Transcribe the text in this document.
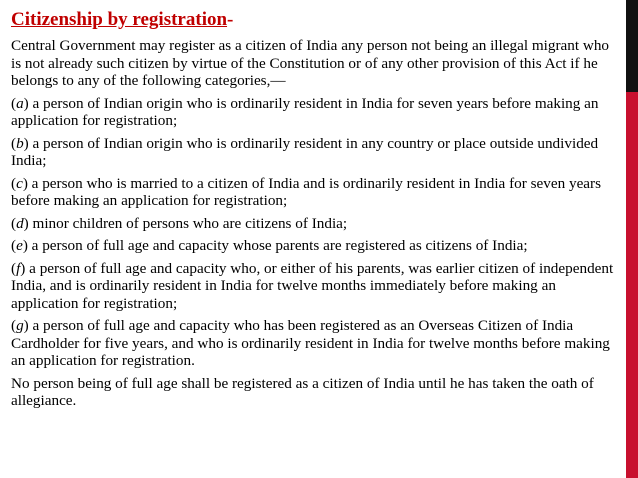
Citizenship by registration-

Central Government may register as a citizen of India any person not being an illegal migrant who is not already such citizen by virtue of the Constitution or of any other provision of this Act if he belongs to any of the following categories,—

(a) a person of Indian origin who is ordinarily resident in India for seven years before making an application for registration;

(b) a person of Indian origin who is ordinarily resident in any country or place outside undivided India;

(c) a person who is married to a citizen of India and is ordinarily resident in India for seven years before making an application for registration;

(d) minor children of persons who are citizens of India;

(e) a person of full age and capacity whose parents are registered as citizens of India;

(f) a person of full age and capacity who, or either of his parents, was earlier citizen of independent India, and is ordinarily resident in India for twelve months immediately before making an application for registration;

(g) a person of full age and capacity who has been registered as an Overseas Citizen of India Cardholder for five years, and who is ordinarily resident in India for twelve months before making an application for registration.

No person being of full age shall be registered as a citizen of India until he has taken the oath of allegiance.
